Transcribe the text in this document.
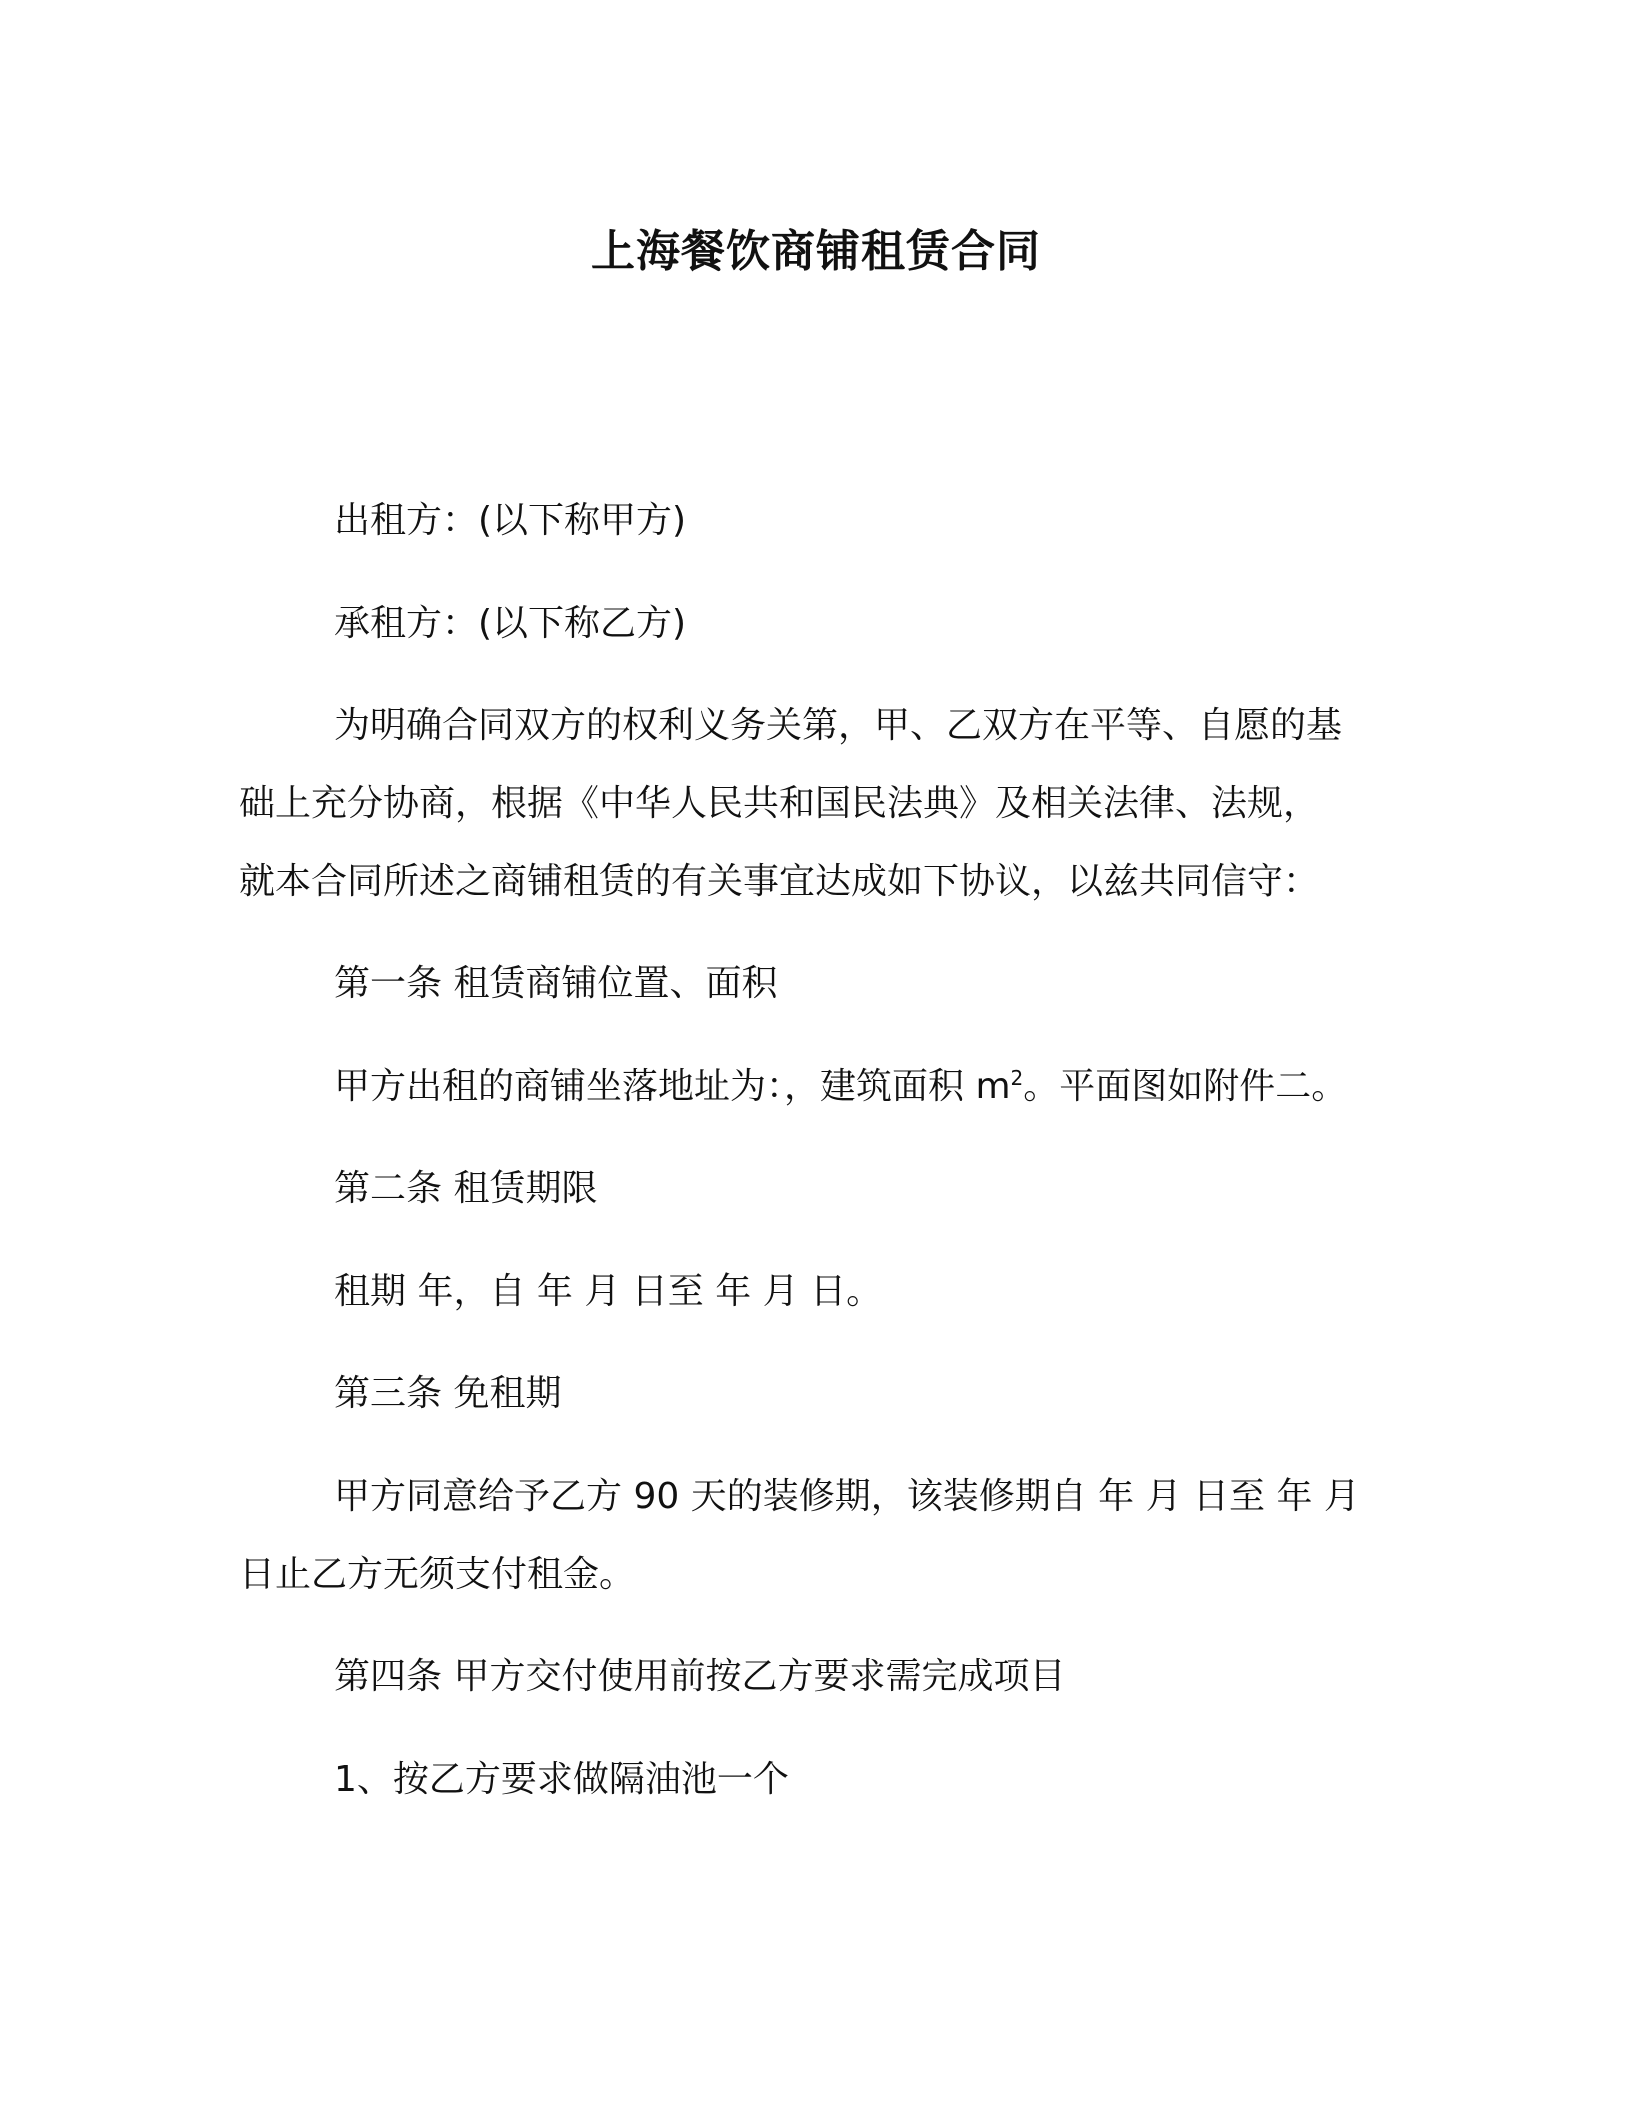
上海餐饮商铺租赁合同
出租方：(以下称甲方)
承租方：(以下称乙方)
为明确合同双方的权利义务关第，甲、乙双方在平等、自愿的基
础上充分协商，根据《中华人民共和国民法典》及相关法律、法规，
就本合同所述之商铺租赁的有关事宜达成如下协议，以兹共同信守：
第一条 租赁商铺位置、面积
甲方出租的商铺坐落地址为：，建筑面积 $m^2$。平面图如附件二。
第二条 租赁期限
租期 年，自 年 月 日至 年 月 日。
第三条 免租期
甲方同意给予乙方 90 天的装修期，该装修期自 年 月 日至 年 月
日止乙方无须支付租金。
第四条 甲方交付使用前按乙方要求需完成项目
1、按乙方要求做隔油池一个
